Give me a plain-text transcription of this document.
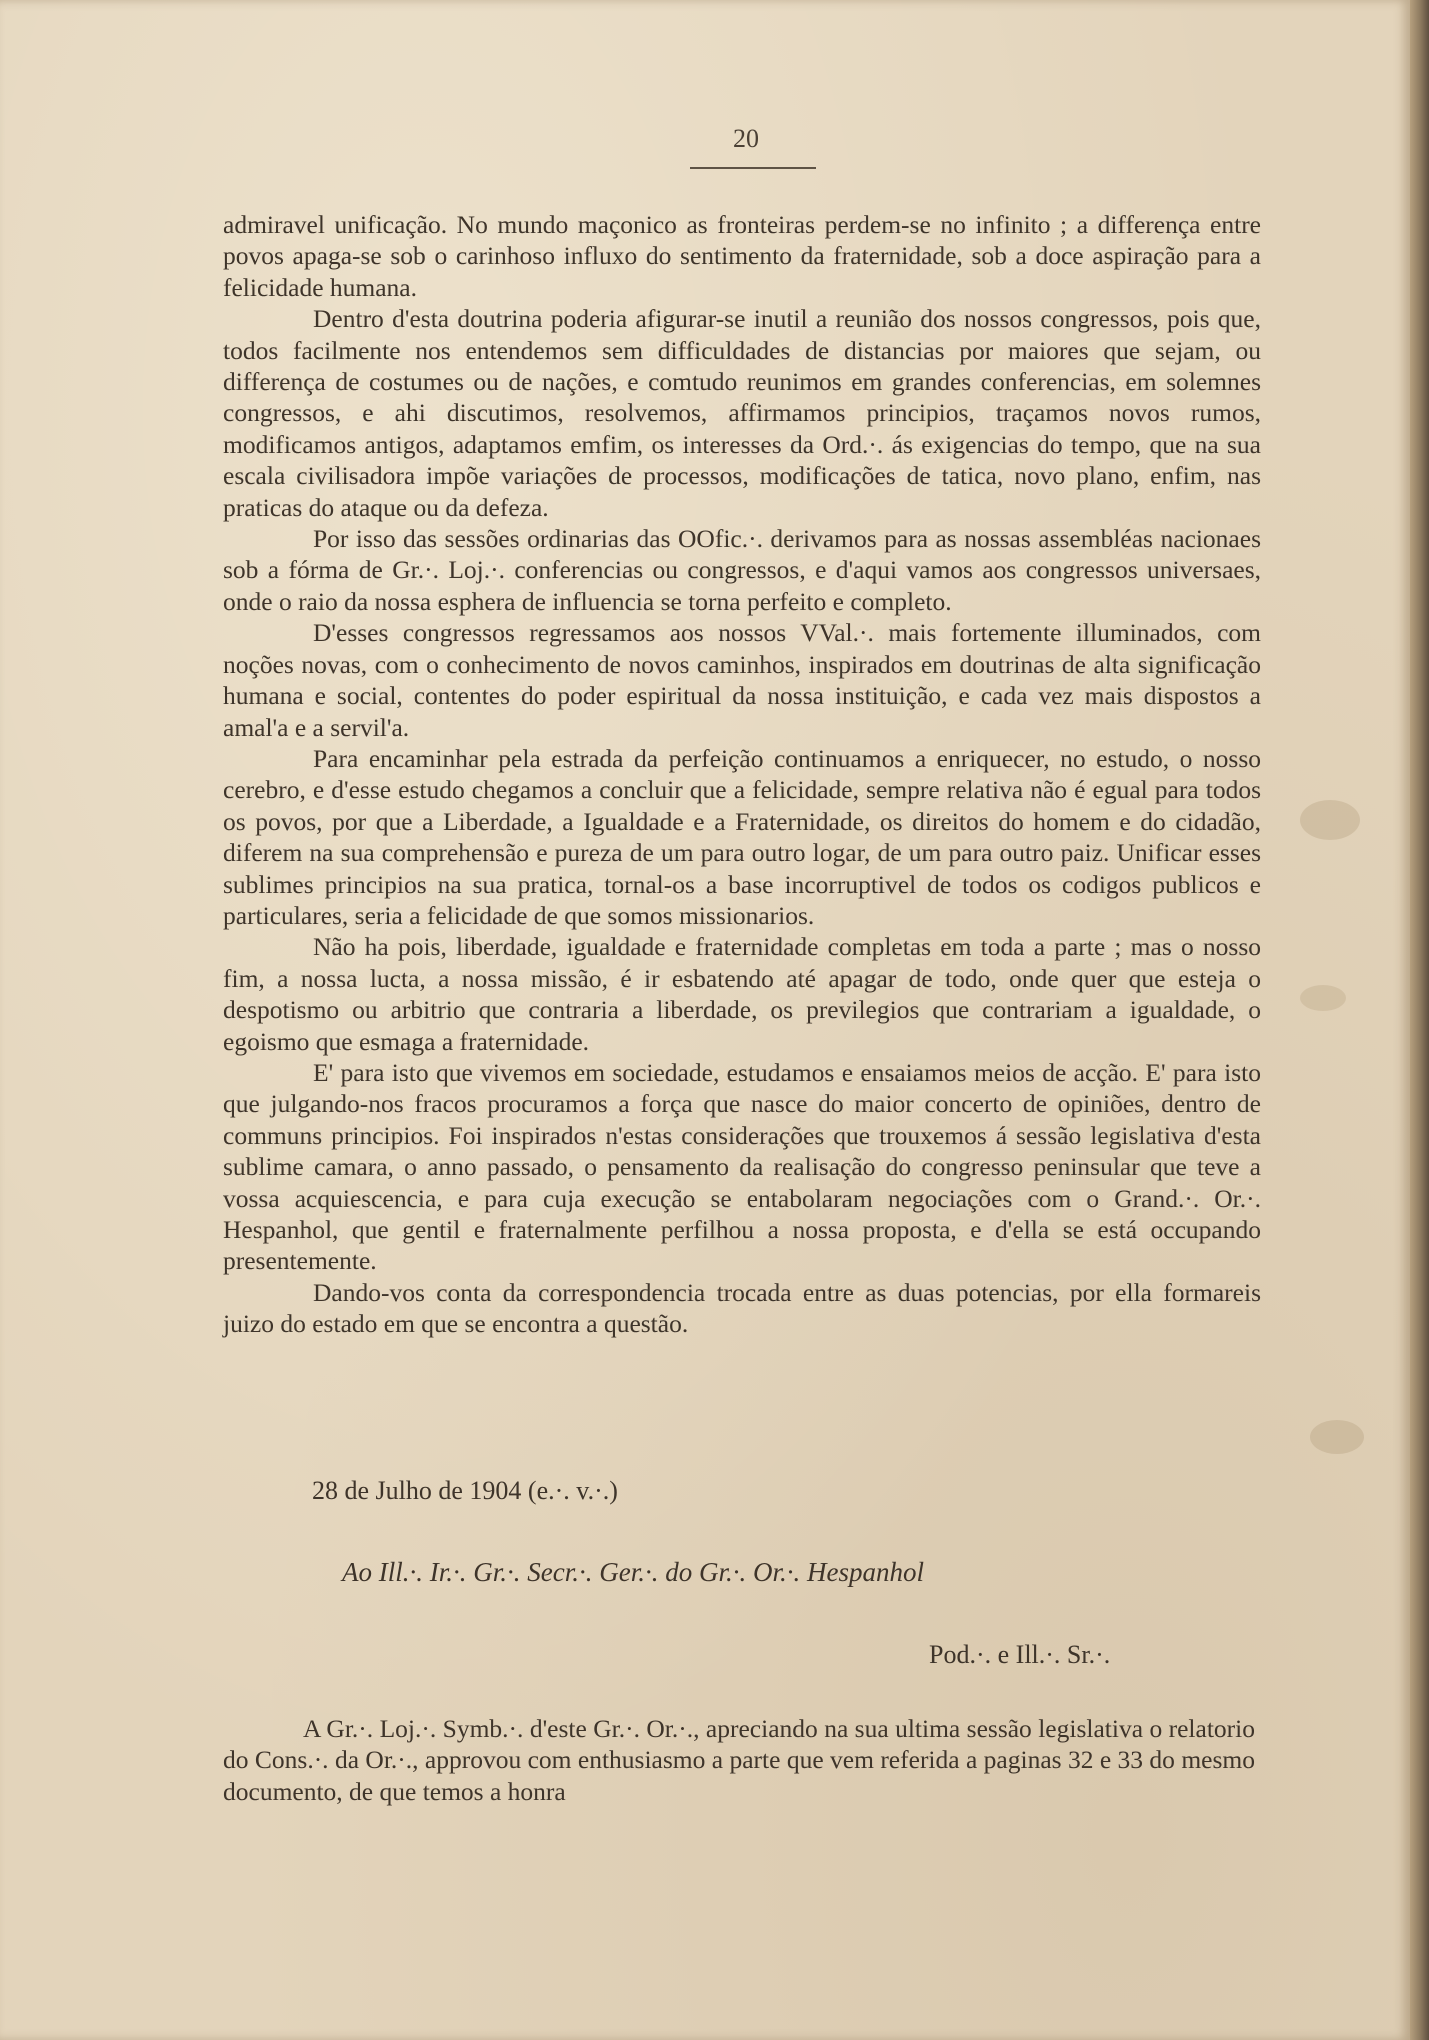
20

admiravel unificação. No mundo maçonico as fronteiras perdem-se no infinito ; a differença entre povos apaga-se sob o carinhoso influxo do sentimento da fraternidade, sob a doce aspiração para a felicidade humana.

Dentro d'esta doutrina poderia afigurar-se inutil a reunião dos nossos congressos, pois que, todos facilmente nos entendemos sem difficuldades de distancias por maiores que sejam, ou differença de costumes ou de nações, e comtudo reunimos em grandes conferencias, em solemnes congressos, e ahi discutimos, resolvemos, affirmamos principios, traçamos novos rumos, modificamos antigos, adaptamos emfim, os interesses da Ord.·. ás exigencias do tempo, que na sua escala civilisadora impõe variações de processos, modificações de tatica, novo plano, enfim, nas praticas do ataque ou da defeza.

Por isso das sessões ordinarias das OOfic.·. derivamos para as nossas assembléas nacionaes sob a fórma de Gr.·. Loj.·. conferencias ou congressos, e d'aqui vamos aos congressos universaes, onde o raio da nossa esphera de influencia se torna perfeito e completo.

D'esses congressos regressamos aos nossos VVal.·. mais fortemente illuminados, com noções novas, com o conhecimento de novos caminhos, inspirados em doutrinas de alta significação humana e social, contentes do poder espiritual da nossa instituição, e cada vez mais dispostos a amal'a e a servil'a.

Para encaminhar pela estrada da perfeição continuamos a enriquecer, no estudo, o nosso cerebro, e d'esse estudo chegamos a concluir que a felicidade, sempre relativa não é egual para todos os povos, por que a Liberdade, a Igualdade e a Fraternidade, os direitos do homem e do cidadão, diferem na sua comprehensão e pureza de um para outro logar, de um para outro paiz. Unificar esses sublimes principios na sua pratica, tornal-os a base incorruptivel de todos os codigos publicos e particulares, seria a felicidade de que somos missionarios.

Não ha pois, liberdade, igualdade e fraternidade completas em toda a parte ; mas o nosso fim, a nossa lucta, a nossa missão, é ir esbatendo até apagar de todo, onde quer que esteja o despotismo ou arbitrio que contraria a liberdade, os previlegios que contrariam a igualdade, o egoismo que esmaga a fraternidade.

E' para isto que vivemos em sociedade, estudamos e ensaiamos meios de acção. E' para isto que julgando-nos fracos procuramos a força que nasce do maior concerto de opiniões, dentro de communs principios. Foi inspirados n'estas considerações que trouxemos á sessão legislativa d'esta sublime camara, o anno passado, o pensamento da realisação do congresso peninsular que teve a vossa acquiescencia, e para cuja execução se entabolaram negociações com o Grand.·. Or.·. Hespanhol, que gentil e fraternalmente perfilhou a nossa proposta, e d'ella se está occupando presentemente.

Dando-vos conta da correspondencia trocada entre as duas potencias, por ella formareis juizo do estado em que se encontra a questão.

28 de Julho de 1904 (e.·. v.·.)
Ao Ill.·. Ir.·. Gr.·. Secr.·. Ger.·. do Gr.·. Or.·. Hespanhol
Pod.·. e Ill.·. Sr.·.

A Gr.·. Loj.·. Symb.·. d'este Gr.·. Or.·., apreciando na sua ultima sessão legislativa o relatorio do Cons.·. da Or.·., approvou com enthusiasmo a parte que vem referida a paginas 32 e 33 do mesmo documento, de que temos a honra
